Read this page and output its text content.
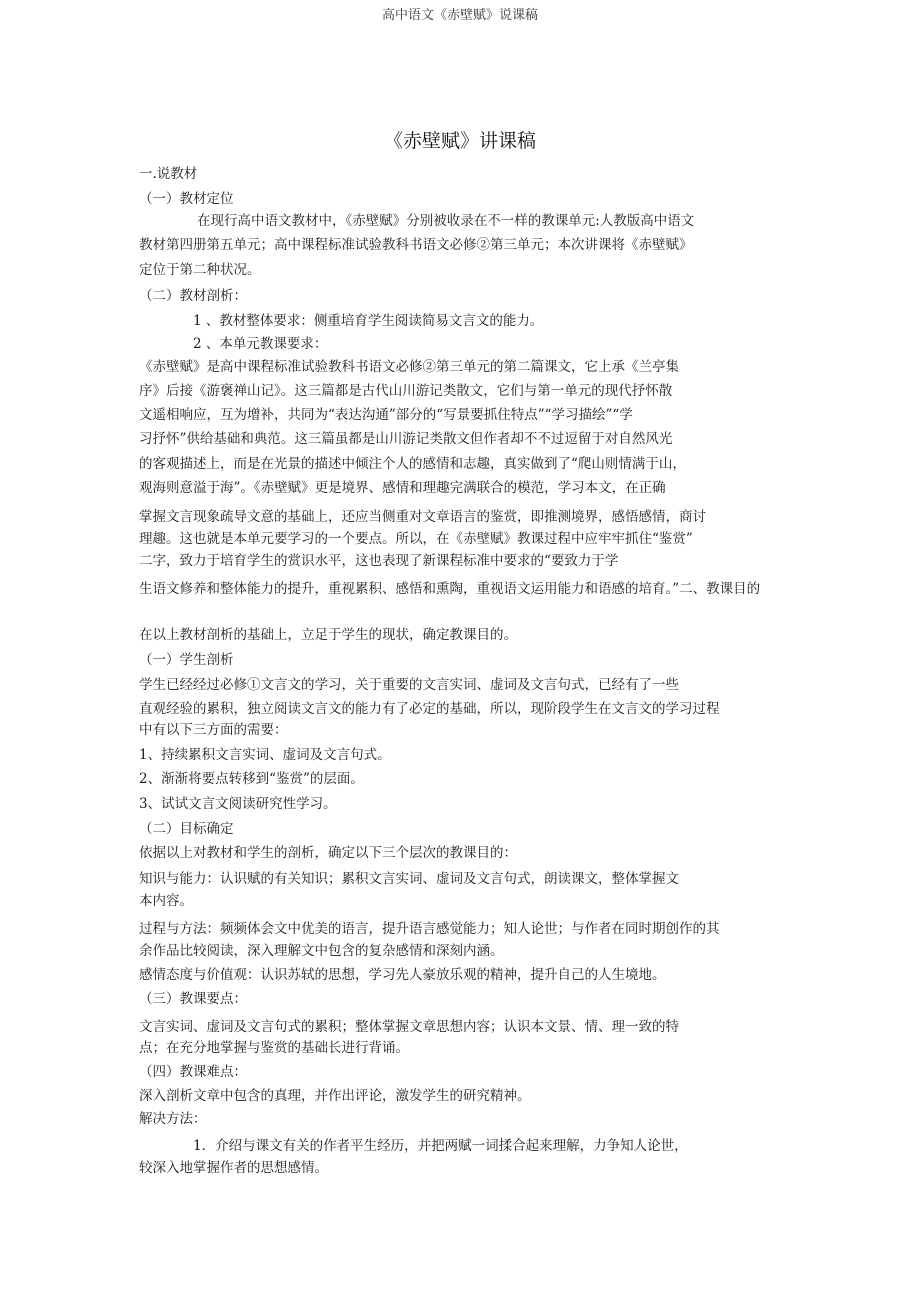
高中语文《赤壁赋》说课稿
《赤壁赋》讲课稿
一.说教材
（一）教材定位
在现行高中语文教材中，《赤壁赋》分别被收录在不一样的教课单元:人教版高中语文
教材第四册第五单元；高中课程标准试验教科书语文必修②第三单元；本次讲课将《赤壁赋》
定位于第二种状况。
（二）教材剖析：
1 、教材整体要求：侧重培育学生阅读简易文言文的能力。
2 、本单元教课要求：
《赤壁赋》是高中课程标准试验教科书语文必修②第三单元的第二篇课文，它上承《兰亭集
序》后接《游褒禅山记》。这三篇都是古代山川游记类散文，它们与第一单元的现代抒怀散
文遥相响应，互为增补，共同为“表达沟通”部分的“写景要抓住特点”“学习描绘”“学
习抒怀”供给基础和典范。这三篇虽都是山川游记类散文但作者却不不过逗留于对自然风光
的客观描述上，而是在光景的描述中倾注个人的感情和志趣，真实做到了“爬山则情满于山，
观海则意溢于海”。《赤壁赋》更是境界、感情和理趣完满联合的模范，学习本文，在正确
掌握文言现象疏导文意的基础上，还应当侧重对文章语言的鉴赏，即推测境界，感悟感情，商讨
理趣。这也就是本单元要学习的一个要点。所以，在《赤壁赋》教课过程中应牢牢抓住“鉴赏”
二字，致力于培育学生的赏识水平，这也表现了新课程标准中要求的“要致力于学
生语文修养和整体能力的提升，重视累积、感悟和熏陶，重视语文运用能力和语感的培育。”二、教课目的
在以上教材剖析的基础上，立足于学生的现状，确定教课目的。
（一）学生剖析
学生已经经过必修①文言文的学习，关于重要的文言实词、虚词及文言句式，已经有了一些
直观经验的累积，独立阅读文言文的能力有了必定的基础，所以，现阶段学生在文言文的学习过程
中有以下三方面的需要：
1、持续累积文言实词、虚词及文言句式。
2、渐渐将要点转移到“鉴赏”的层面。
3、试试文言文阅读研究性学习。
（二）目标确定
依据以上对教材和学生的剖析，确定以下三个层次的教课目的：
知识与能力：认识赋的有关知识；累积文言实词、虚词及文言句式，朗读课文，整体掌握文
本内容。
过程与方法：频频体会文中优美的语言，提升语言感觉能力；知人论世；与作者在同时期创作的其
余作品比较阅读，深入理解文中包含的复杂感情和深刻内涵。
感情态度与价值观：认识苏轼的思想，学习先人豪放乐观的精神，提升自己的人生境地。
（三）教课要点：
文言实词、虚词及文言句式的累积；整体掌握文章思想内容；认识本文景、情、理一致的特
点；在充分地掌握与鉴赏的基础长进行背诵。
（四）教课难点：
深入剖析文章中包含的真理，并作出评论，激发学生的研究精神。
解决方法：
1．介绍与课文有关的作者平生经历，并把两赋一词揉合起来理解，力争知人论世，
较深入地掌握作者的思想感情。
